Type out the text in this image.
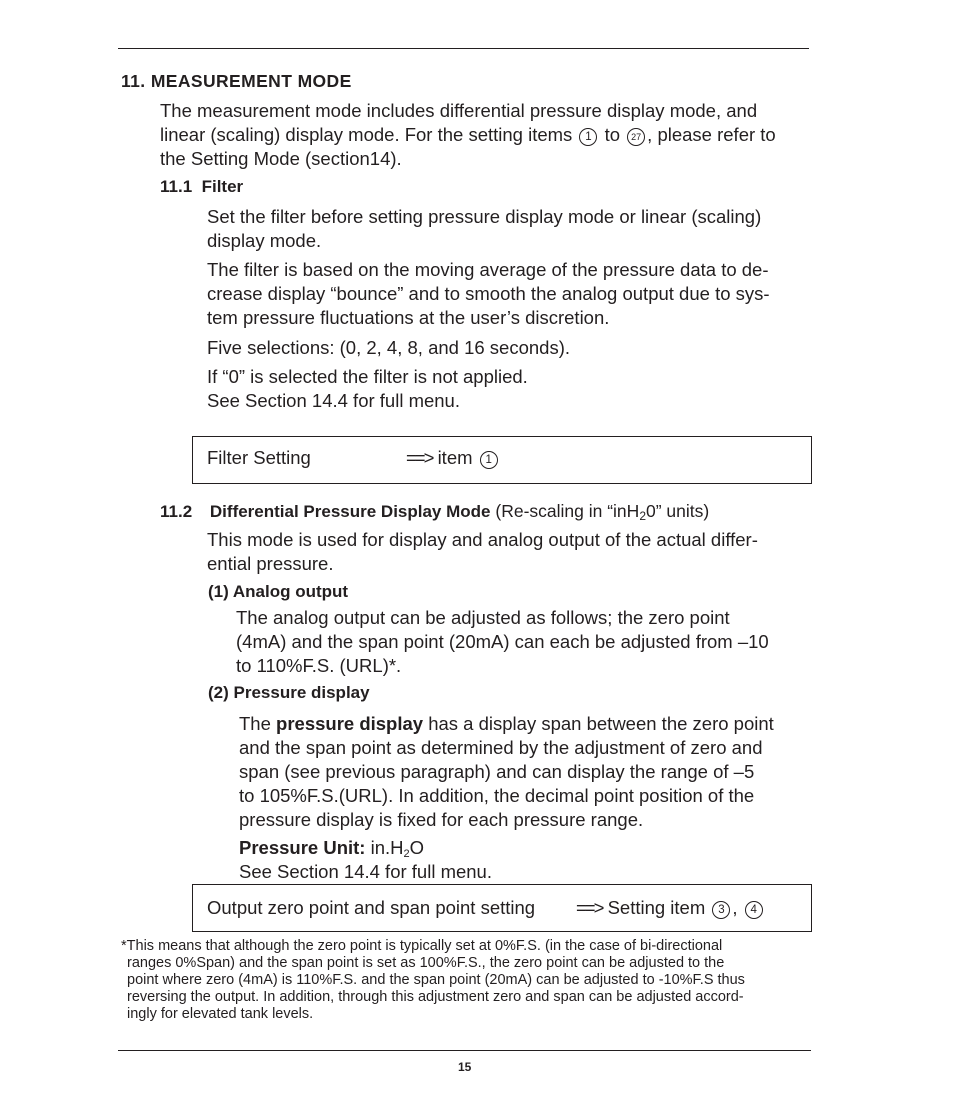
11. MEASUREMENT MODE
The measurement mode includes differential pressure display mode, and
linear (scaling) display mode. For the setting items 1 to 27 , please refer to
the Setting Mode (section14).
11.1  Filter
Set the filter before setting pressure display mode or linear (scaling)
display mode.
The filter is based on the moving average of the pressure data to de-
crease display “bounce” and to smooth the analog output due to sys-
tem pressure fluctuations at the user’s discretion.
Five selections: (0, 2, 4, 8, and 16 seconds).
If “0” is selected the filter is not applied.
See Section 14.4 for full menu.
Filter Setting	==> item 1
11.2 Differential Pressure Display Mode (Re-scaling in “inH$_2$0” units)
This mode is used for display and analog output of the actual differ-
ential pressure.
(1) Analog output
The analog output can be adjusted as follows; the zero point
(4mA) and the span point (20mA) can each be adjusted from –10
to 110%F.S. (URL)*.
(2) Pressure display
The pressure display has a display span between the zero point
and the span point as determined by the adjustment of zero and
span (see previous paragraph) and can display the range of –5
to 105%F.S.(URL). In addition, the decimal point position of the
pressure display is fixed for each pressure range.
Pressure Unit: in.H2O
See Section 14.4 for full menu.
Output zero point and span point setting ==> Setting item 3 , 4
*This means that although the zero point is typically set at 0%F.S. (in the case of bi-directional
ranges 0%Span) and the span point is set as 100%F.S., the zero point can be adjusted to the
point where zero (4mA) is 110%F.S. and the span point (20mA) can be adjusted to -10%F.S thus
reversing the output. In addition, through this adjustment zero and span can be adjusted accord-
ingly for elevated tank levels.
15
